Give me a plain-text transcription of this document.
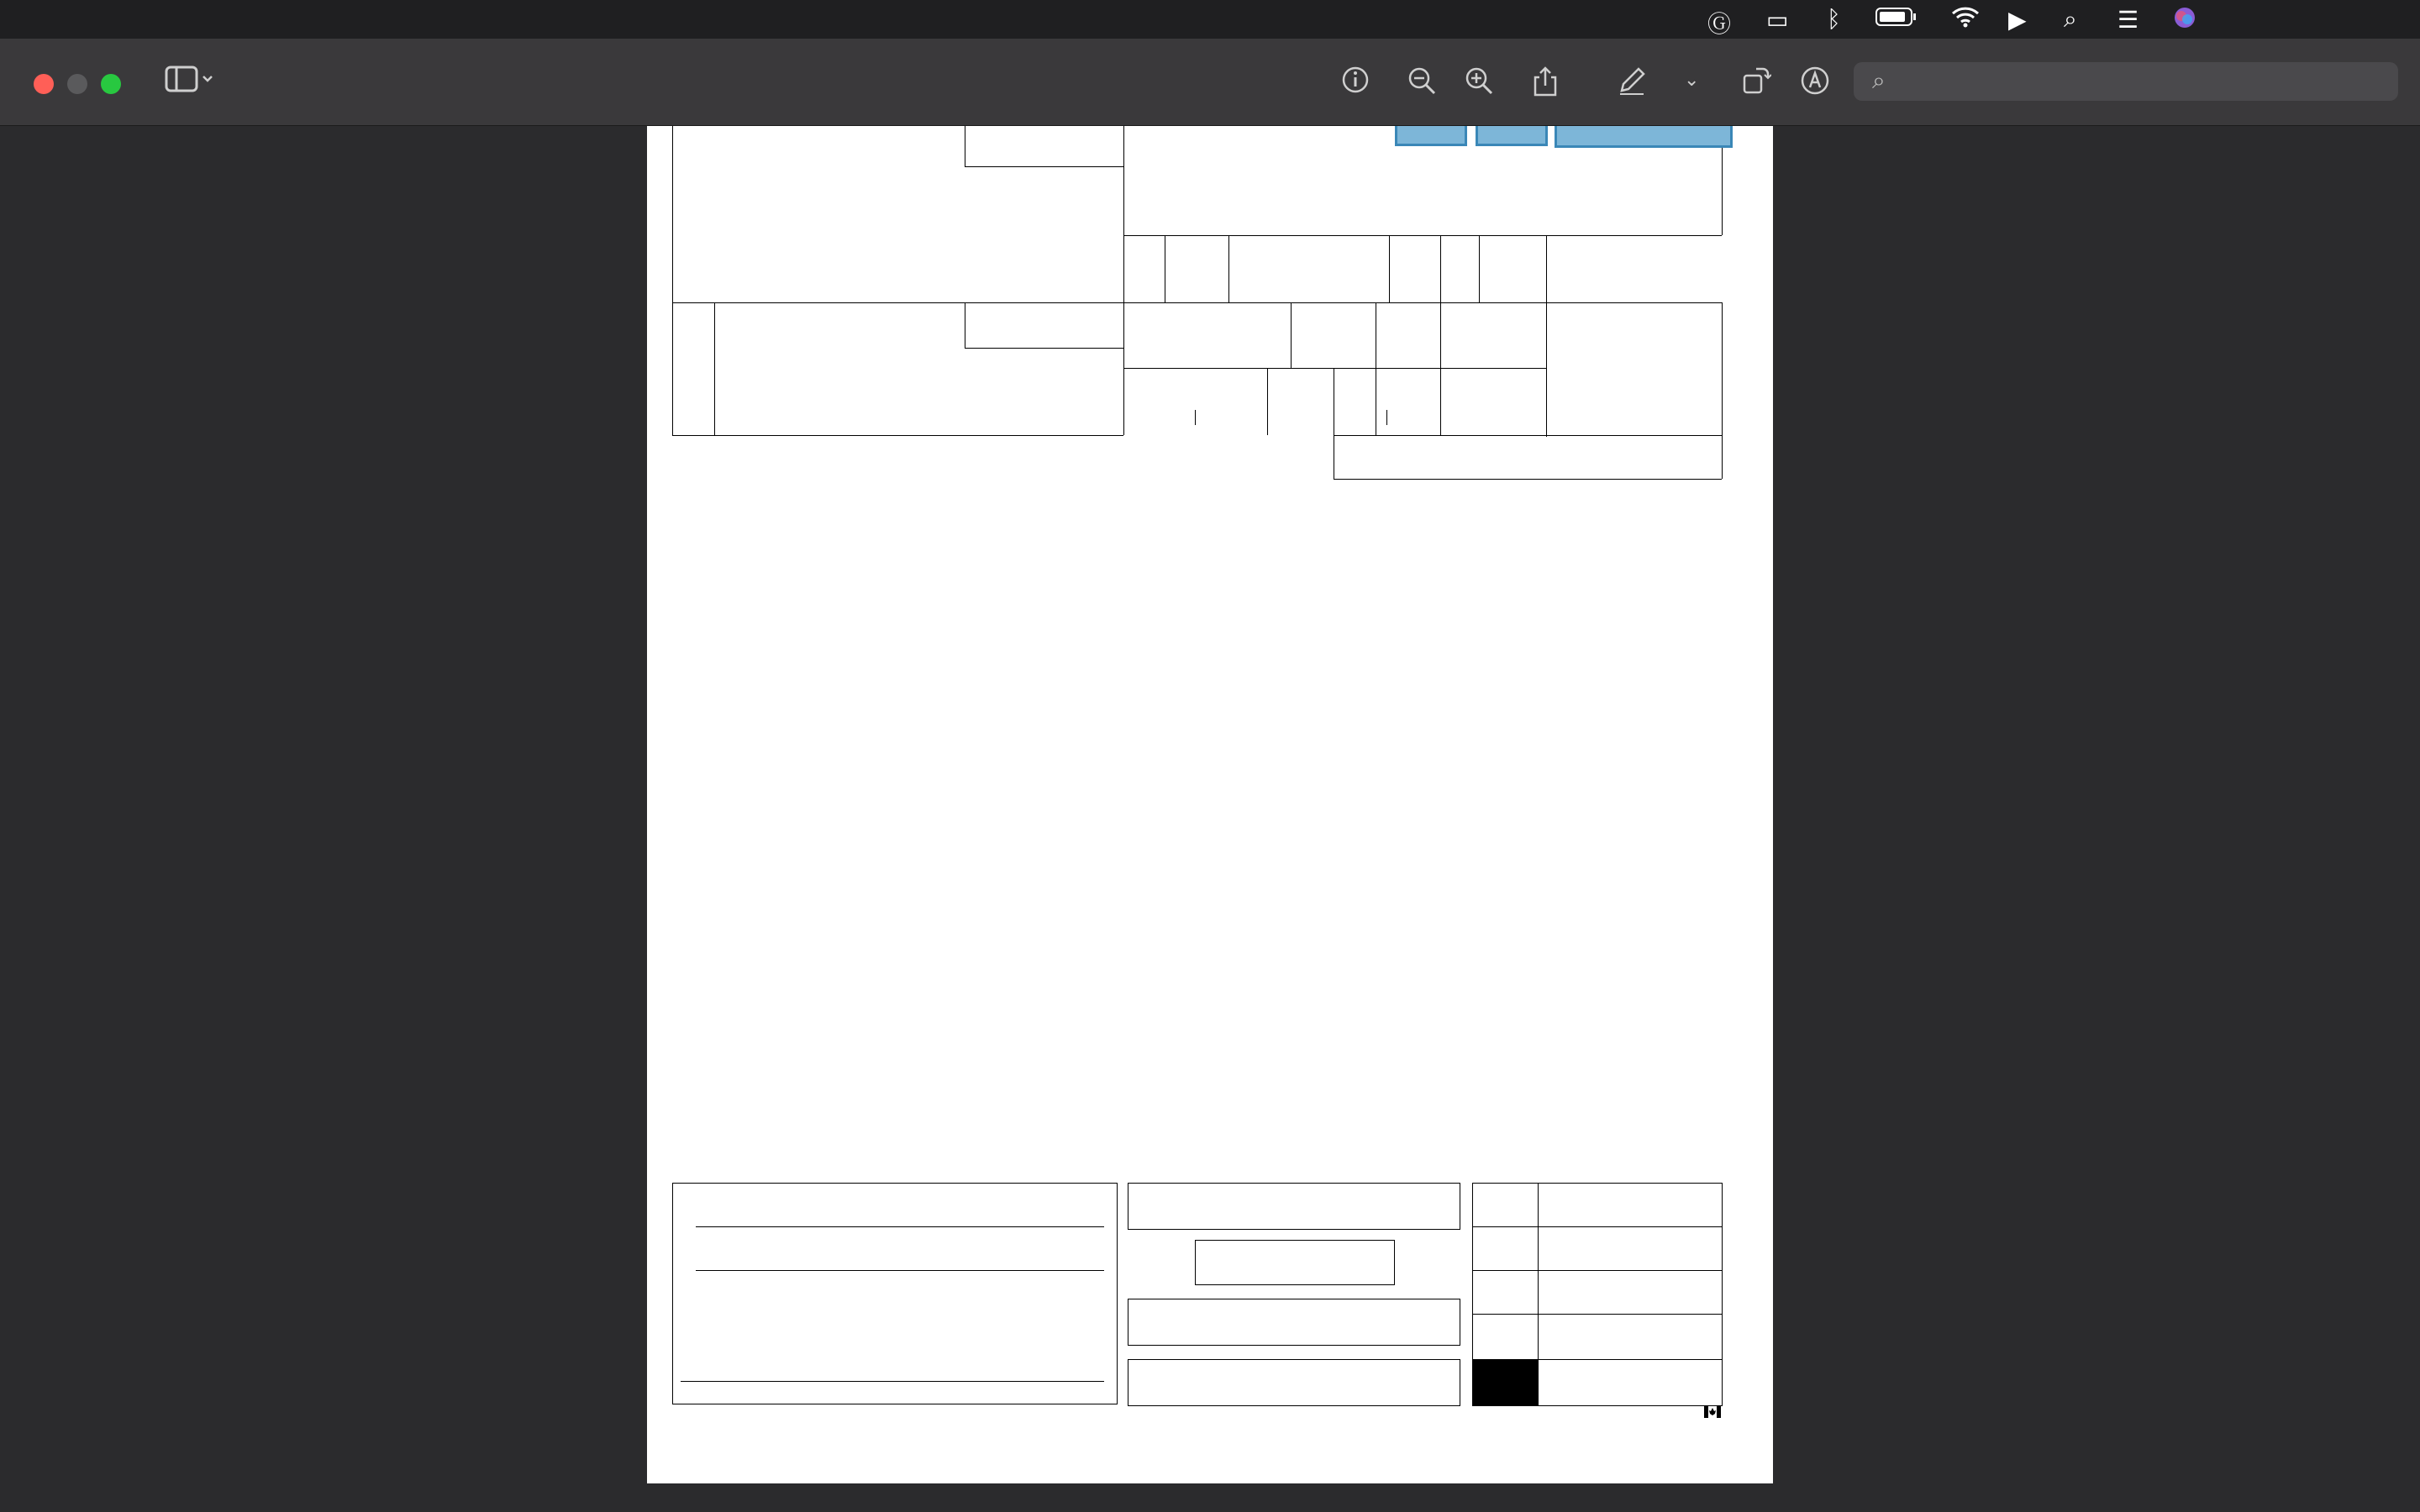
Ⓖ ▭ ᛒ	▶ ⌕ ☰
⌄	⌕
